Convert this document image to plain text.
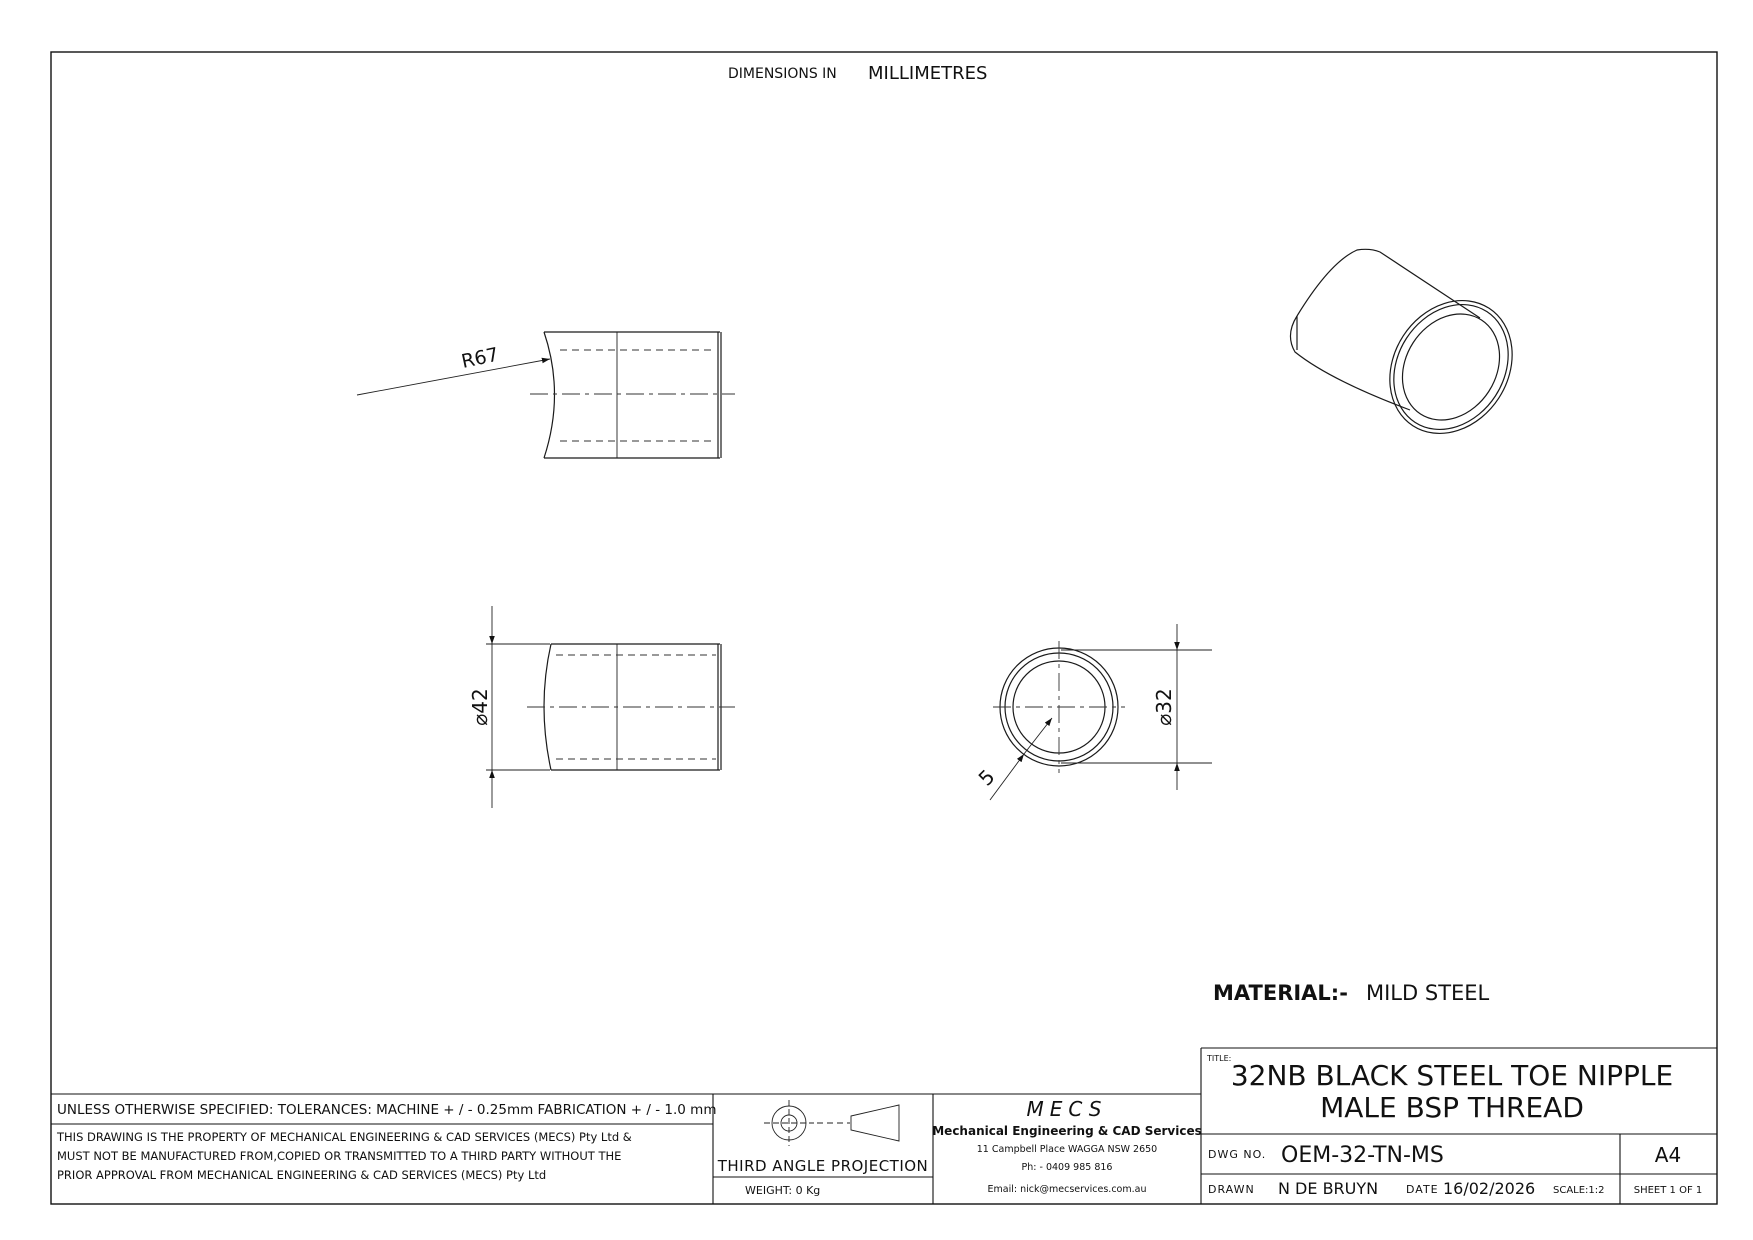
DIMENSIONS IN MILLIMETRES
R67
⌀42	⌀32
5
MATERIAL:- MILD STEEL
UNLESS OTHERWISE SPECIFIED: TOLERANCES: MACHINE + / - 0.25mm FABRICATION + / - 1.0 mm
THIS DRAWING IS THE PROPERTY OF MECHANICAL ENGINEERING & CAD SERVICES (MECS) Pty Ltd &
MUST NOT BE MANUFACTURED FROM,COPIED OR TRANSMITTED TO A THIRD PARTY WITHOUT THE
PRIOR APPROVAL FROM MECHANICAL ENGINEERING & CAD SERVICES (MECS) Pty Ltd	THIRD ANGLE PROJECTION
WEIGHT: 0 Kg
MECS
Mechanical Engineering & CAD Services
11 Campbell Place WAGGA NSW 2650
Ph: - 0409 985 816
Email: nick@mecservices.com.au
TITLE:
32NB BLACK STEEL TOE NIPPLE
MALE BSP THREAD
DWG NO. OEM-32-TN-MS	A4
DRAWN N DE BRUYN	DATE 16/02/2026 SCALE:1:2	SHEET 1 OF 1
